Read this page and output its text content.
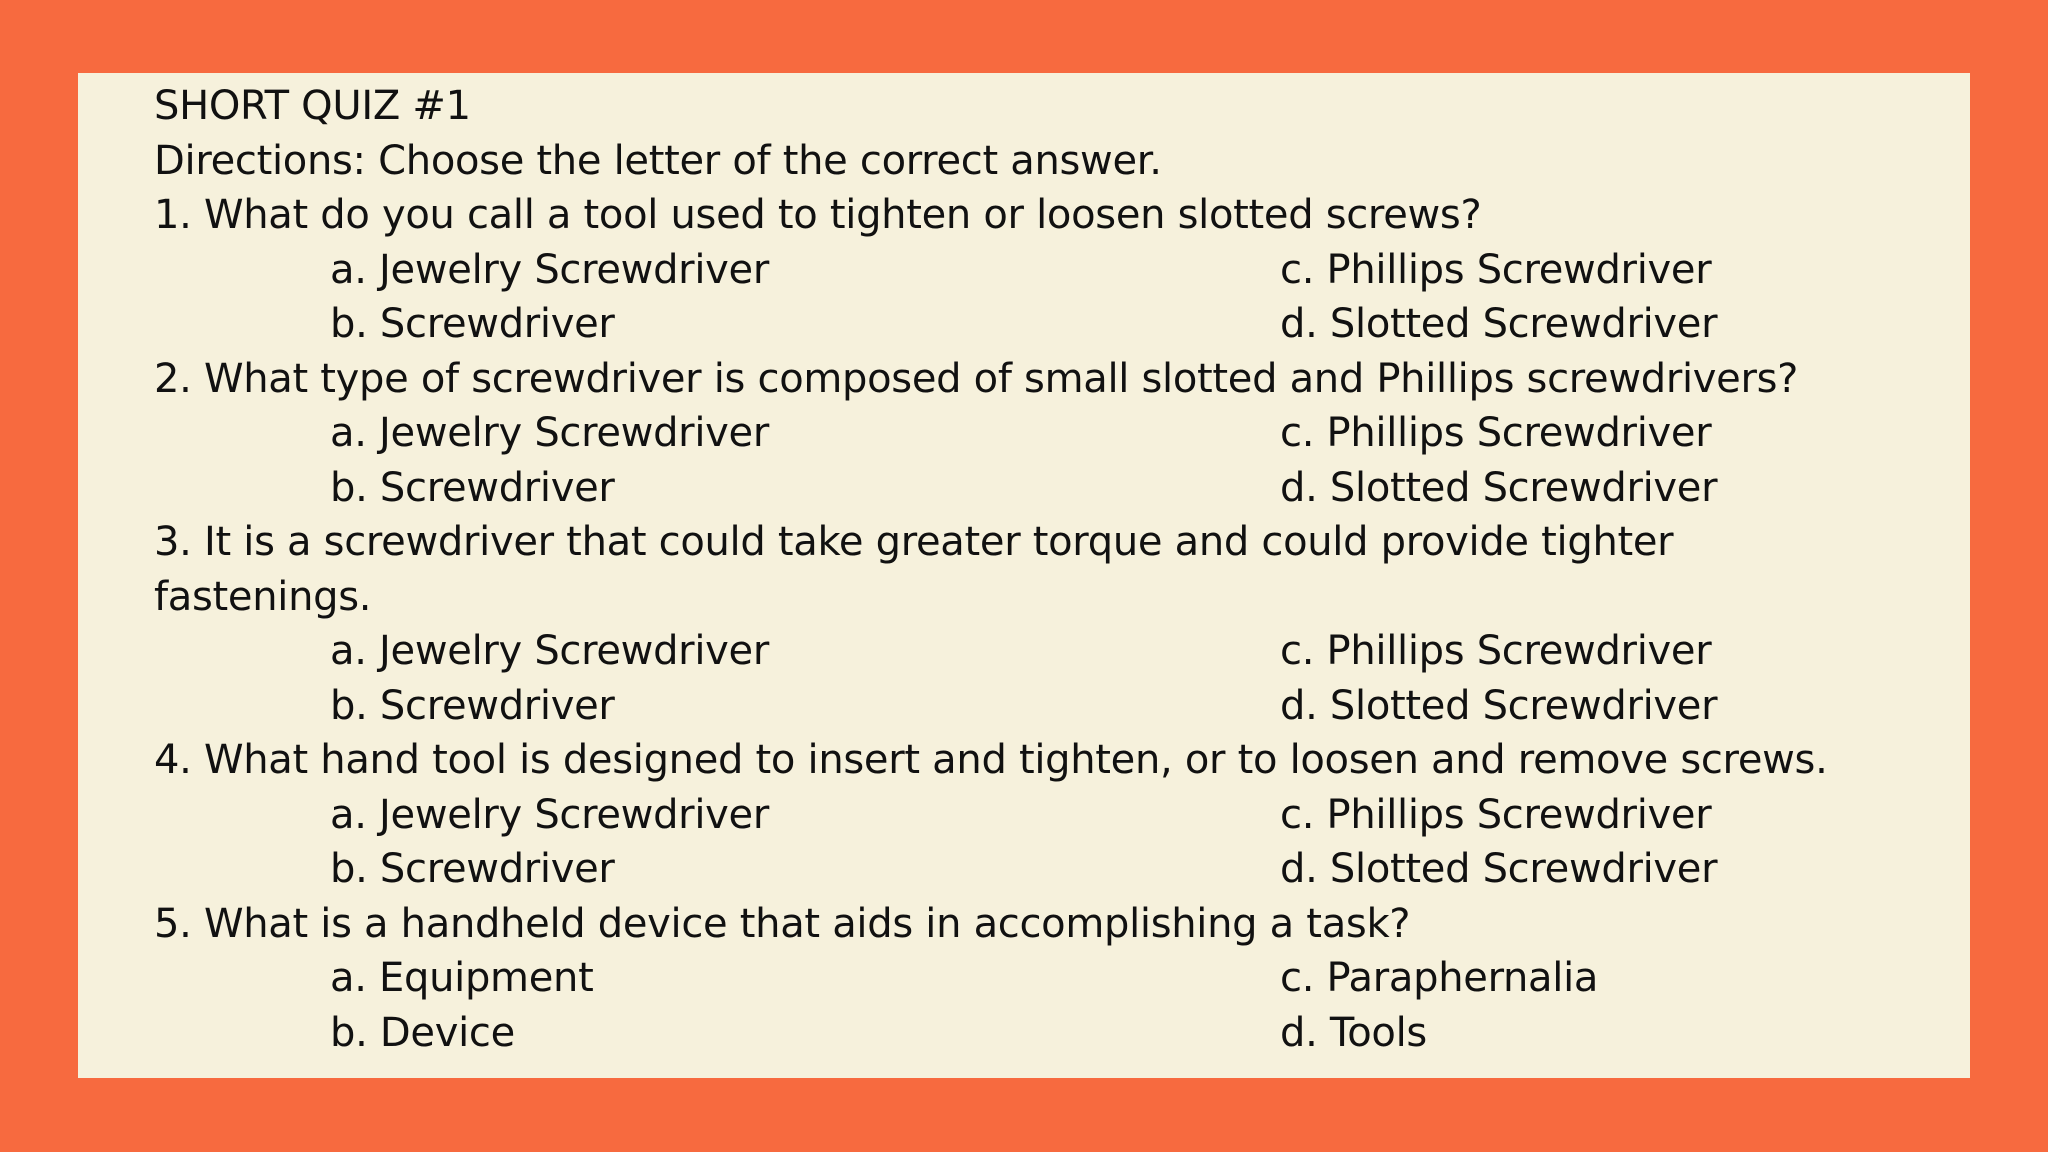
SHORT QUIZ #1
Directions: Choose the letter of the correct answer.
1. What do you call a tool used to tighten or loosen slotted screws?
a. Jewelry Screwdriver	c. Phillips Screwdriver
b. Screwdriver	d. Slotted Screwdriver
2. What type of screwdriver is composed of small slotted and Phillips screwdrivers?
a. Jewelry Screwdriver	c. Phillips Screwdriver
b. Screwdriver	d. Slotted Screwdriver
3. It is a screwdriver that could take greater torque and could provide tighter fastenings.
a. Jewelry Screwdriver	c. Phillips Screwdriver
b. Screwdriver	d. Slotted Screwdriver
4. What hand tool is designed to insert and tighten, or to loosen and remove screws.
a. Jewelry Screwdriver	c. Phillips Screwdriver
b. Screwdriver	d. Slotted Screwdriver
5. What is a handheld device that aids in accomplishing a task?
a. Equipment	c. Paraphernalia
b. Device	d. Tools
